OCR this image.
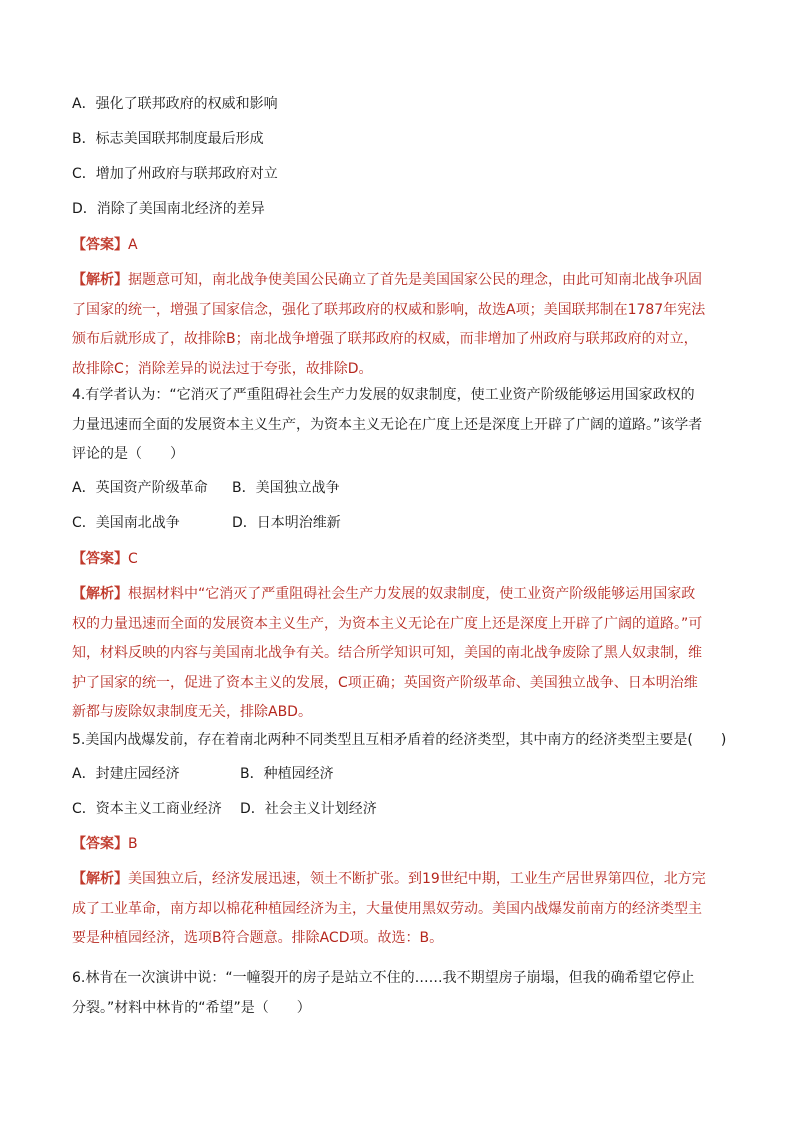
A．强化了联邦政府的权威和影响
B．标志美国联邦制度最后形成
C．增加了州政府与联邦政府对立
D．消除了美国南北经济的差异
【答案】A
【解析】据题意可知，南北战争使美国公民确立了首先是美国国家公民的理念，由此可知南北战争巩固了国家的统一，增强了国家信念，强化了联邦政府的权威和影响，故选A项；美国联邦制在1787年宪法颁布后就形成了，故排除B；南北战争增强了联邦政府的权威，而非增加了州政府与联邦政府的对立，故排除C；消除差异的说法过于夸张，故排除D。
4.有学者认为：“它消灭了严重阻碍社会生产力发展的奴隶制度，使工业资产阶级能够运用国家政权的力量迅速而全面的发展资本主义生产，为资本主义无论在广度上还是深度上开辟了广阔的道路。”该学者评论的是（　　）
A．英国资产阶级革命 B．美国独立战争
C．美国南北战争	D．日本明治维新
【答案】C
【解析】根据材料中“它消灭了严重阻碍社会生产力发展的奴隶制度，使工业资产阶级能够运用国家政权的力量迅速而全面的发展资本主义生产，为资本主义无论在广度上还是深度上开辟了广阔的道路。”可知，材料反映的内容与美国南北战争有关。结合所学知识可知，美国的南北战争废除了黑人奴隶制，维护了国家的统一，促进了资本主义的发展，C项正确；英国资产阶级革命、美国独立战争、日本明治维新都与废除奴隶制度无关，排除ABD。
5.美国内战爆发前，存在着南北两种不同类型且互相矛盾着的经济类型，其中南方的经济类型主要是(　　)
A．封建庄园经济	B．种植园经济
C．资本主义工商业经济 D．社会主义计划经济
【答案】B
【解析】美国独立后，经济发展迅速，领土不断扩张。到19世纪中期，工业生产居世界第四位，北方完成了工业革命，南方却以棉花种植园经济为主，大量使用黑奴劳动。美国内战爆发前南方的经济类型主要是种植园经济，选项B符合题意。排除ACD项。故选：B。
6.林肯在一次演讲中说：“一幢裂开的房子是站立不住的……我不期望房子崩塌，但我的确希望它停止分裂。”材料中林肯的“希望”是（　　）
